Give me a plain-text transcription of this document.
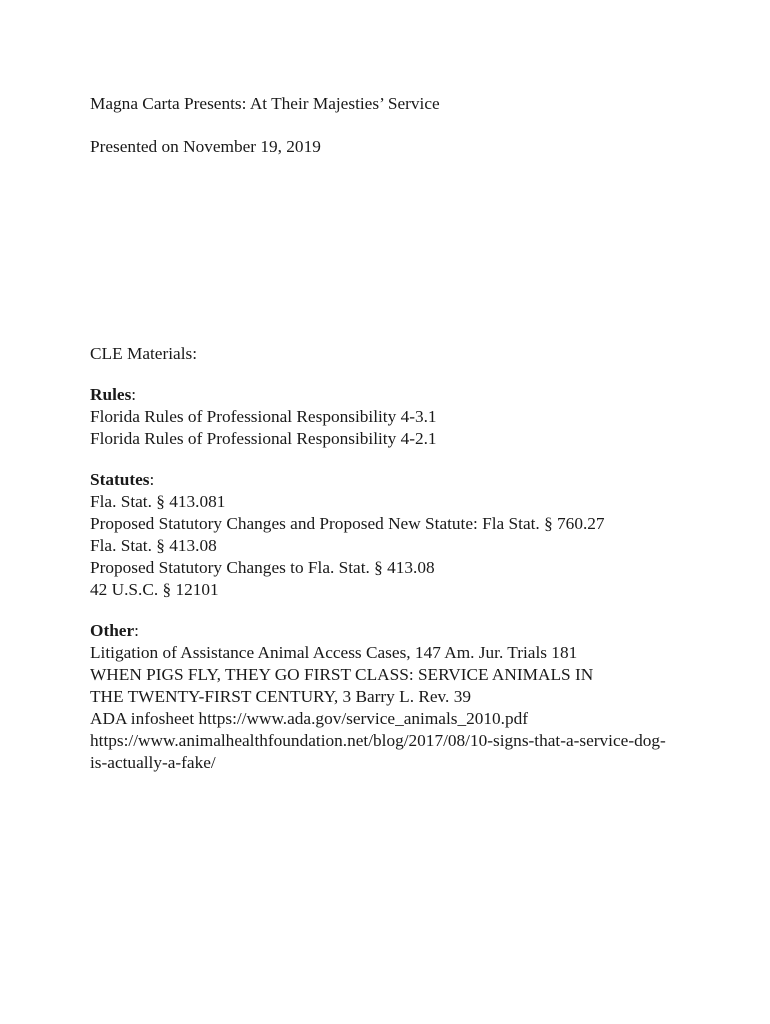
Magna Carta Presents: At Their Majesties’ Service
Presented on November 19, 2019
CLE Materials:
Rules:
Florida Rules of Professional Responsibility 4-3.1
Florida Rules of Professional Responsibility 4-2.1
Statutes:
Fla. Stat. § 413.081
Proposed Statutory Changes and Proposed New Statute: Fla Stat. § 760.27
Fla. Stat. § 413.08
Proposed Statutory Changes to Fla. Stat. § 413.08
42 U.S.C. § 12101
Other:
Litigation of Assistance Animal Access Cases, 147 Am. Jur. Trials 181
WHEN PIGS FLY, THEY GO FIRST CLASS: SERVICE ANIMALS IN
THE TWENTY-FIRST CENTURY, 3 Barry L. Rev. 39
ADA infosheet https://www.ada.gov/service_animals_2010.pdf
https://www.animalhealthfoundation.net/blog/2017/08/10-signs-that-a-service-dog-
is-actually-a-fake/
